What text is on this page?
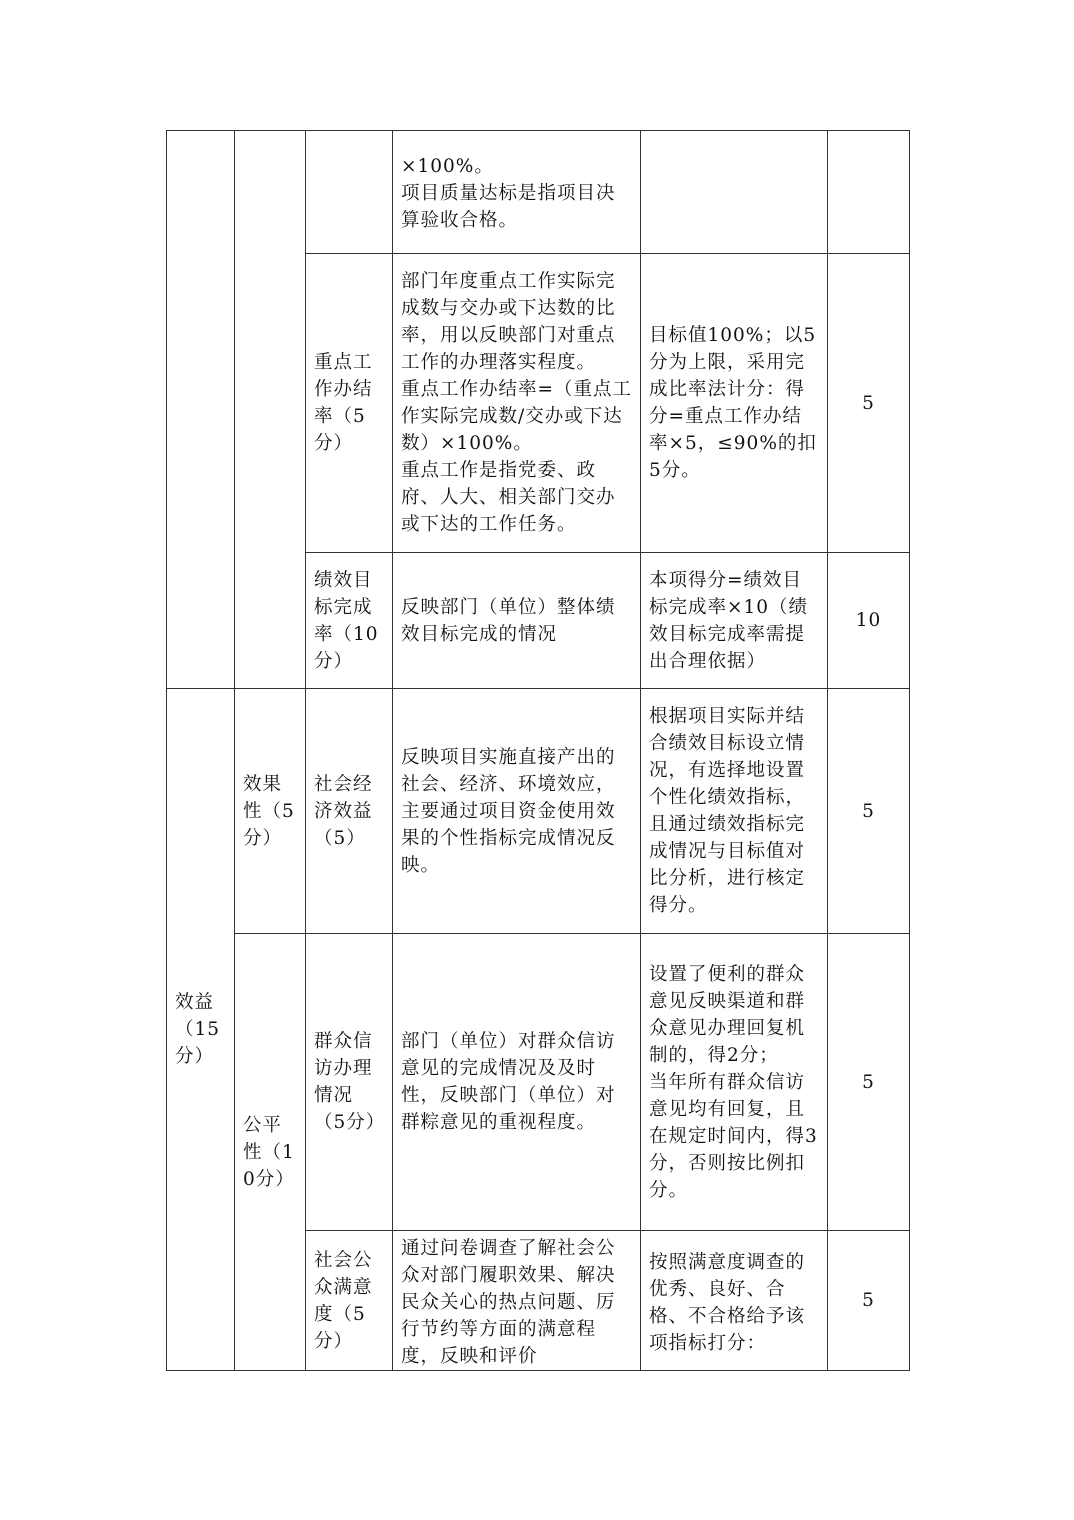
			×100%。
项目质量达标是指项目决算验收合格。		
		重点工作办结率（5分）	部门年度重点工作实际完成数与交办或下达数的比率，用以反映部门对重点工作的办理落实程度。
重点工作办结率=（重点工作实际完成数/交办或下达数）×100%。
重点工作是指党委、政府、人大、相关部门交办或下达的工作任务。	目标值100%；以5分为上限，采用完成比率法计分：得分=重点工作办结率×5，≤90%的扣5分。	5
		绩效目标完成率（10分）	反映部门（单位）整体绩效目标完成的情况	本项得分=绩效目标完成率×10（绩效目标完成率需提出合理依据）	10
效益（15分）	效果性（5分）	社会经济效益（5）	反映项目实施直接产出的社会、经济、环境效应，主要通过项目资金使用效果的个性指标完成情况反映。	根据项目实际并结合绩效目标设立情况，有选择地设置个性化绩效指标，且通过绩效指标完成情况与目标值对比分析，进行核定得分。	5
	公平性（10分）	群众信访办理情况（5分）	部门（单位）对群众信访意见的完成情况及及时性，反映部门（单位）对群粽意见的重视程度。	设置了便利的群众意见反映渠道和群众意见办理回复机制的，得2分；
当年所有群众信访意见均有回复，且在规定时间内，得3分，否则按比例扣分。	5
		社会公众满意度（5分）	通过问卷调查了解社会公众对部门履职效果、解决民众关心的热点问题、厉行节约等方面的满意程度，反映和评价	按照满意度调查的优秀、良好、合格、不合格给予该项指标打分：	5
